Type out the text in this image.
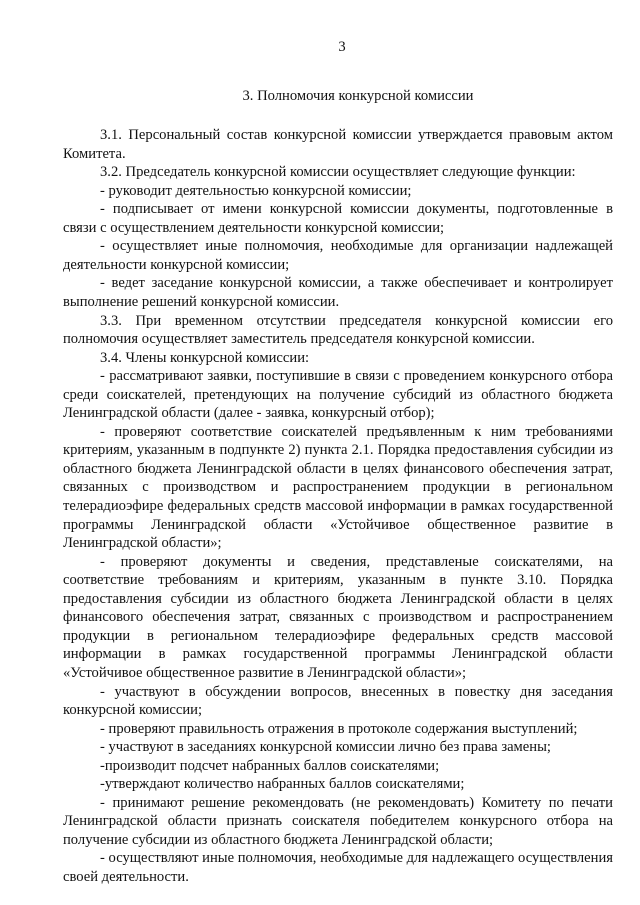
3
3. Полномочия конкурсной комиссии

3.1. Персональный состав конкурсной комиссии утверждается правовым актом Комитета.

3.2. Председатель конкурсной комиссии осуществляет следующие функции:

- руководит деятельностью конкурсной комиссии;

- подписывает от имени конкурсной комиссии документы, подготовленные в связи с осуществлением деятельности конкурсной комиссии;

- осуществляет иные полномочия, необходимые для организации надлежащей деятельности конкурсной комиссии;

- ведет заседание конкурсной комиссии, а также обеспечивает и контролирует выполнение решений конкурсной комиссии.

3.3. При временном отсутствии председателя конкурсной комиссии его полномочия осуществляет заместитель председателя конкурсной комиссии.

3.4. Члены конкурсной комиссии:

- рассматривают заявки, поступившие в связи с проведением конкурсного отбора среди соискателей, претендующих на получение субсидий из областного бюджета Ленинградской области (далее - заявка, конкурсный отбор);

- проверяют соответствие соискателей предъявленным к ним требованиями критериям, указанным в подпункте 2) пункта 2.1. Порядка предоставления субсидии из областного бюджета Ленинградской области в целях финансового обеспечения затрат, связанных с производством и распространением продукции в региональном телерадиоэфире федеральных средств массовой информации в рамках государственной программы Ленинградской области «Устойчивое общественное развитие в Ленинградской области»;

- проверяют документы и сведения, представленые соискателями, на соответствие требованиям и критериям, указанным в пункте 3.10. Порядка предоставления субсидии из областного бюджета Ленинградской области в целях финансового обеспечения затрат, связанных с производством и распространением продукции в региональном телерадиоэфире федеральных средств массовой информации в рамках государственной программы Ленинградской области «Устойчивое общественное развитие в Ленинградской области»;

- участвуют в обсуждении вопросов, внесенных в повестку дня заседания конкурсной комиссии;

- проверяют правильность отражения в протоколе содержания выступлений;

- участвуют в заседаниях конкурсной комиссии лично без права замены;

-производит подсчет набранных баллов соискателями;

-утверждают количество набранных баллов соискателями;

- принимают решение рекомендовать (не рекомендовать) Комитету по печати Ленинградской области признать соискателя победителем конкурсного отбора на получение субсидии из областного бюджета Ленинградской области;

- осуществляют иные полномочия, необходимые для надлежащего осуществления своей деятельности.
